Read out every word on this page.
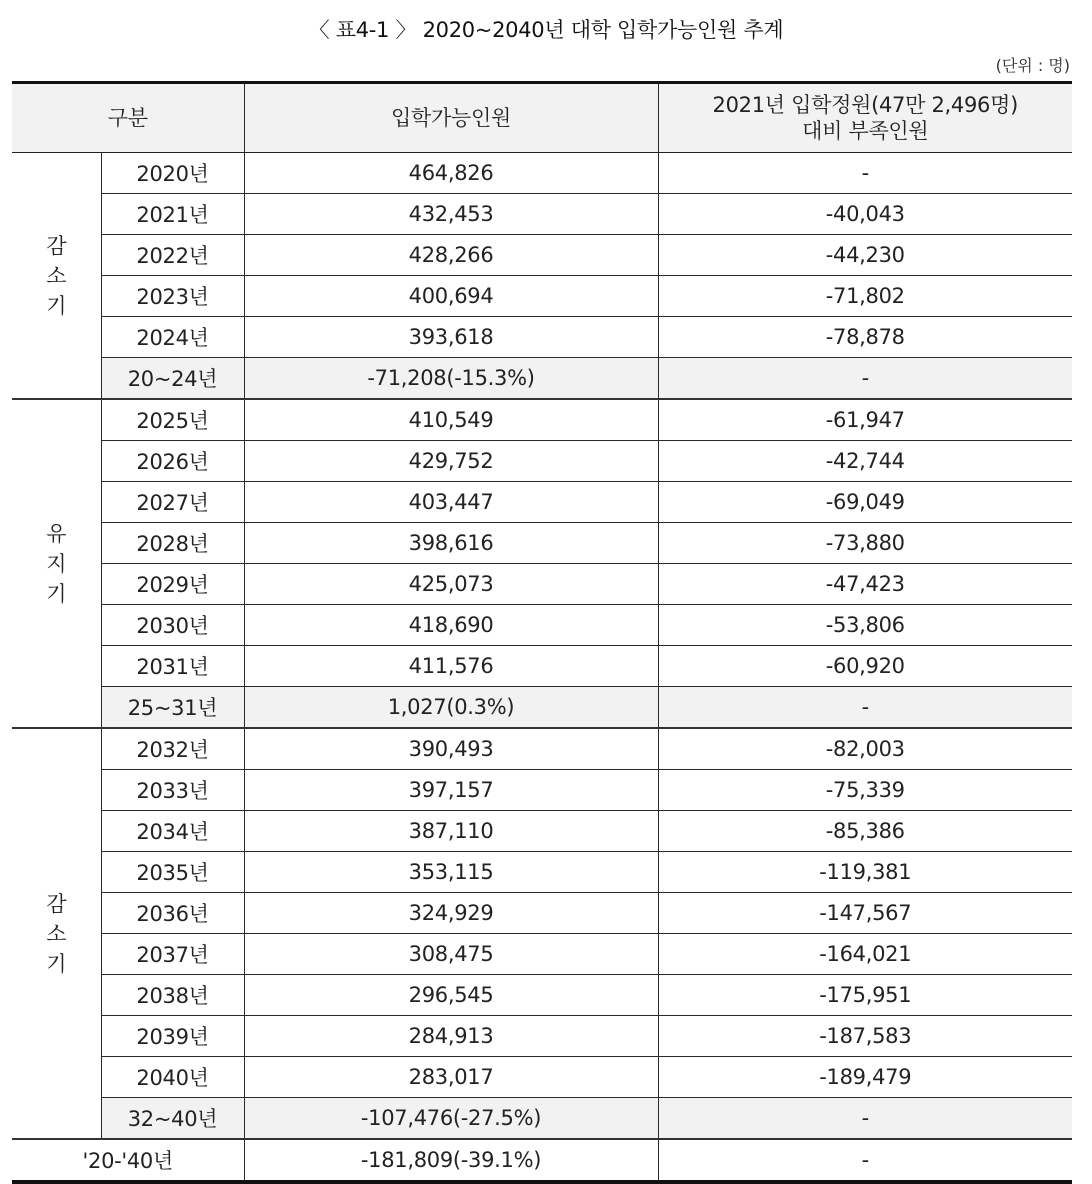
〈 표4-1 〉 2020~2040년 대학 입학가능인원 추계
(단위 : 명)
구분		입학가능인원	2021년 입학정원(47만 2,496명)
대비 부족인원

감
소
기	2020년	464,826	-
	2021년	432,453	-40,043
	2022년	428,266	-44,230
	2023년	400,694	-71,802
	2024년	393,618	-78,878
	20~24년	-71,208(-15.3%)	-

유
지
기	2025년	410,549	-61,947
	2026년	429,752	-42,744
	2027년	403,447	-69,049
	2028년	398,616	-73,880
	2029년	425,073	-47,423
	2030년	418,690	-53,806
	2031년	411,576	-60,920
	25~31년	1,027(0.3%)	-

감
소
기	2032년	390,493	-82,003
	2033년	397,157	-75,339
	2034년	387,110	-85,386
	2035년	353,115	-119,381
	2036년	324,929	-147,567
	2037년	308,475	-164,021
	2038년	296,545	-175,951
	2039년	284,913	-187,583
	2040년	283,017	-189,479
	32~40년	-107,476(-27.5%)	-
'20-'40년		-181,809(-39.1%)	-
